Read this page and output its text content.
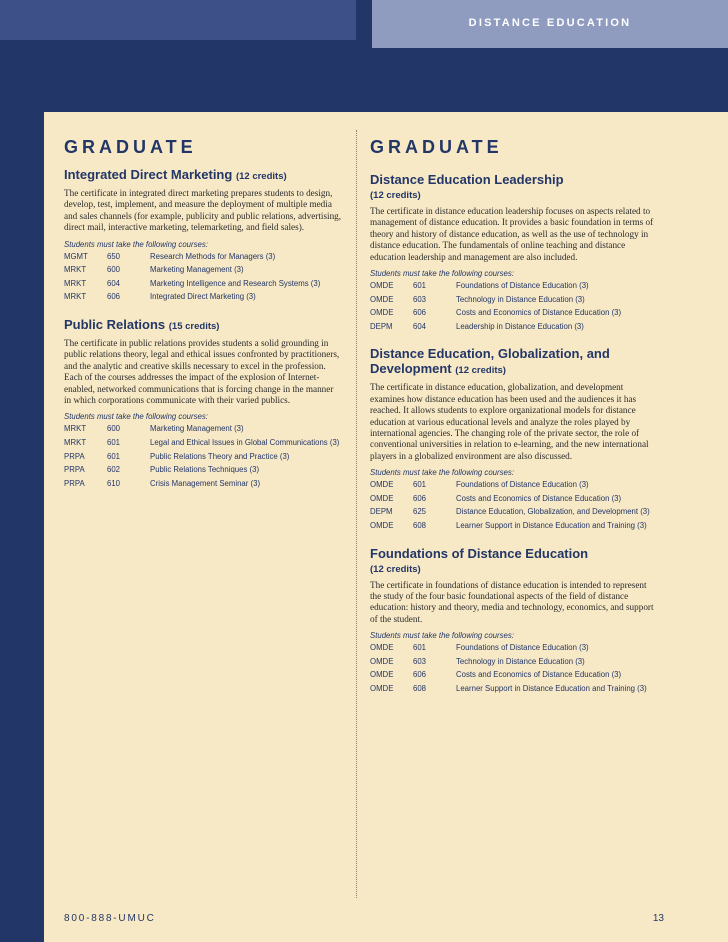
DISTANCE EDUCATION
GRADUATE
Integrated Direct Marketing (12 credits)

The certificate in integrated direct marketing prepares students to design, develop, test, implement, and measure the deployment of multiple media and sales channels (for example, publicity and public relations, advertising, direct mail, interactive marketing, telemarketing, and field sales).

Students must take the following courses:
MGMT	650	Research Methods for Managers (3)
MRKT	600	Marketing Management (3)
MRKT	604	Marketing Intelligence and Research Systems (3)
MRKT	606	Integrated Direct Marketing (3)
Public Relations (15 credits)

The certificate in public relations provides students a solid grounding in public relations theory, legal and ethical issues confronted by practitioners, and the analytic and creative skills necessary to excel in the profession. Each of the courses addresses the impact of the explosion of Internet-enabled, networked communications that is forcing change in the manner in which corporations communicate with their varied publics.

Students must take the following courses:
MRKT	600	Marketing Management (3)
MRKT	601	Legal and Ethical Issues in Global Communications (3)
PRPA	601	Public Relations Theory and Practice (3)
PRPA	602	Public Relations Techniques (3)
PRPA	610	Crisis Management Seminar (3)
GRADUATE
Distance Education Leadership
(12 credits)

The certificate in distance education leadership focuses on aspects related to management of distance education. It provides a basic foundation in terms of theory and history of distance education, as well as the use of technology in distance education. The fundamentals of online teaching and distance education leadership and management are also included.

Students must take the following courses:
OMDE	601	Foundations of Distance Education (3)
OMDE	603	Technology in Distance Education (3)
OMDE	606	Costs and Economics of Distance Education (3)
DEPM	604	Leadership in Distance Education (3)
Distance Education, Globalization, and Development (12 credits)

The certificate in distance education, globalization, and development examines how distance education has been used and the audiences it has reached. It allows students to explore organizational models for distance education at various educational levels and analyze the roles played by international agencies. The changing role of the private sector, the role of conventional universities in relation to e-learning, and the new international players in a globalized environment are also discussed.

Students must take the following courses:
OMDE	601	Foundations of Distance Education (3)
OMDE	606	Costs and Economics of Distance Education (3)
DEPM	625	Distance Education, Globalization, and Development (3)
OMDE	608	Learner Support in Distance Education and Training (3)
Foundations of Distance Education
(12 credits)

The certificate in foundations of distance education is intended to represent the study of the four basic foundational aspects of the field of distance education: history and theory, media and technology, economics, and support of the student.

Students must take the following courses:
OMDE	601	Foundations of Distance Education (3)
OMDE	603	Technology in Distance Education (3)
OMDE	606	Costs and Economics of Distance Education (3)
OMDE	608	Learner Support in Distance Education and Training (3)
800-888-UMUC	13
